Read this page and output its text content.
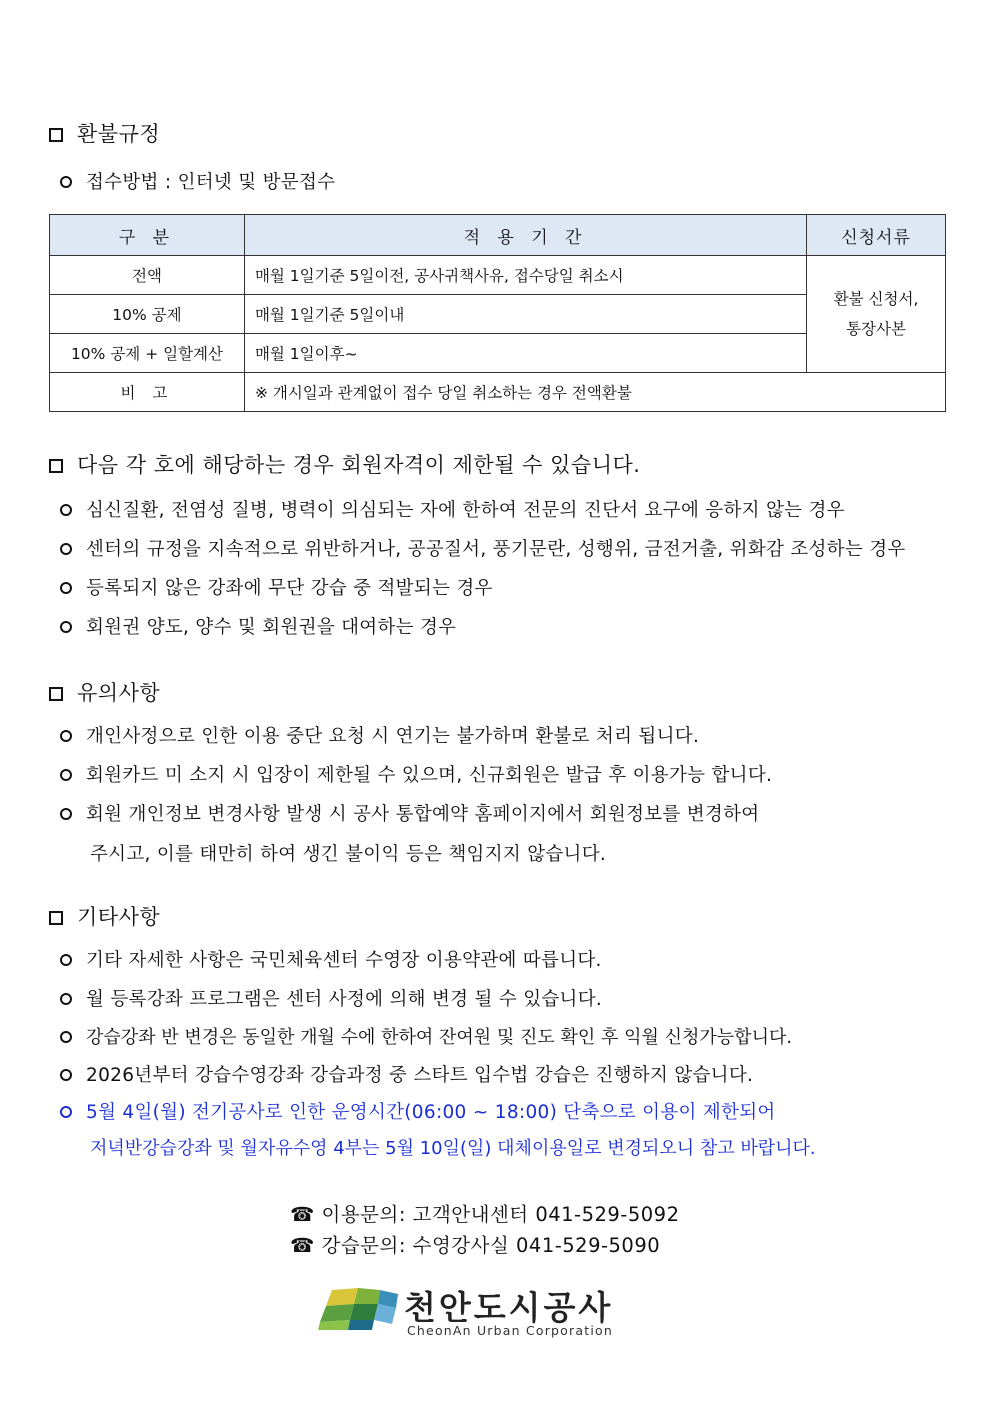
환불규정
접수방법 : 인터넷 및 방문접수
구 분	적 용 기 간	신청서류
전액	매월 1일기준 5일이전, 공사귀책사유, 접수당일 취소시	환불 신청서,
통장사본

10% 공제	매월 1일기준 5일이내	
10% 공제 + 일할계산	매월 1일이후~	
비 고	※ 개시일과 관계없이 접수 당일 취소하는 경우 전액환불	
다음 각 호에 해당하는 경우 회원자격이 제한될 수 있습니다.
심신질환, 전염성 질병, 병력이 의심되는 자에 한하여 전문의 진단서 요구에 응하지 않는 경우
센터의 규정을 지속적으로 위반하거나, 공공질서, 풍기문란, 성행위, 금전거출, 위화감 조성하는 경우
등록되지 않은 강좌에 무단 강습 중 적발되는 경우
회원권 양도, 양수 및 회원권을 대여하는 경우
유의사항
개인사정으로 인한 이용 중단 요청 시 연기는 불가하며 환불로 처리 됩니다.
회원카드 미 소지 시 입장이 제한될 수 있으며, 신규회원은 발급 후 이용가능 합니다.
회원 개인정보 변경사항 발생 시 공사 통합예약 홈페이지에서 회원정보를 변경하여
주시고, 이를 태만히 하여 생긴 불이익 등은 책임지지 않습니다.
기타사항
기타 자세한 사항은 국민체육센터 수영장 이용약관에 따릅니다.
월 등록강좌 프로그램은 센터 사정에 의해 변경 될 수 있습니다.
강습강좌 반 변경은 동일한 개월 수에 한하여 잔여원 및 진도 확인 후 익월 신청가능합니다.
2026년부터 강습수영강좌 강습과정 중 스타트 입수법 강습은 진행하지 않습니다.
5월 4일(월) 전기공사로 인한 운영시간(06:00 ~ 18:00) 단축으로 이용이 제한되어
저녁반강습강좌 및 월자유수영 4부는 5월 10일(일) 대체이용일로 변경되오니 참고 바랍니다.
☎ 이용문의: 고객안내센터 041-529-5092
☎ 강습문의: 수영강사실 041-529-5090
천안도시공사
CheonAn Urban Corporation
